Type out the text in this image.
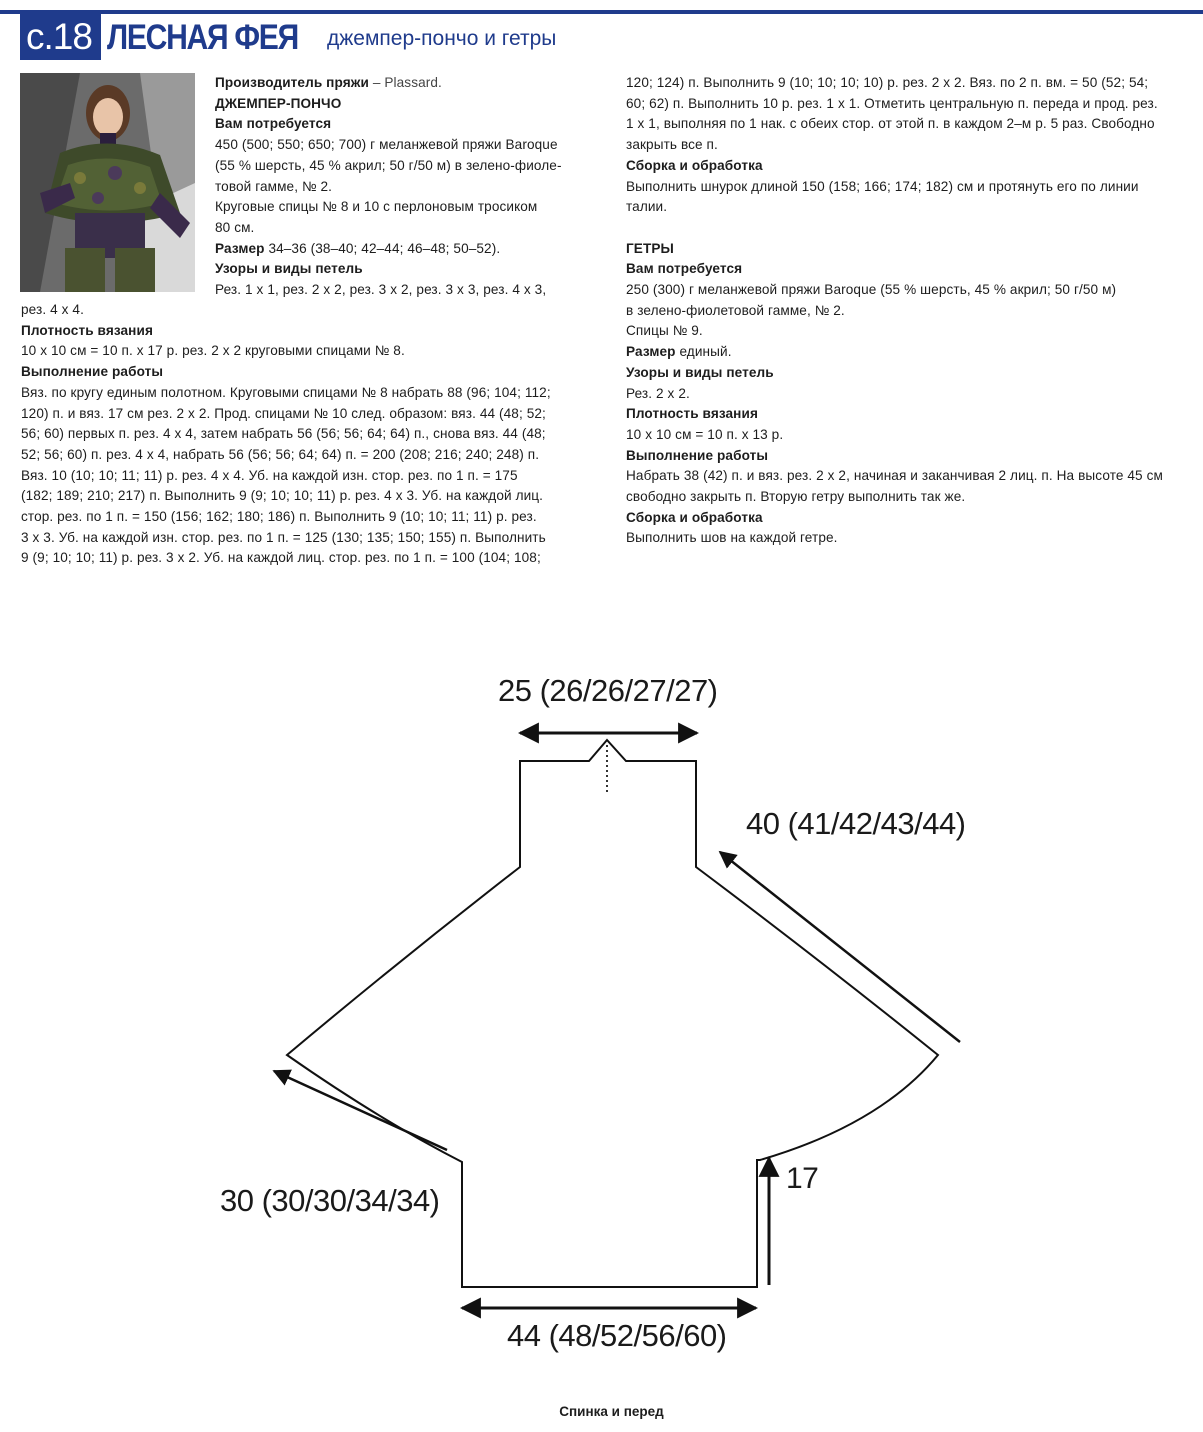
с.18 ЛЕСНАЯ ФЕЯ джемпер-пончо и гетры

Производитель пряжи – Plassard.

ДЖЕМПЕР-ПОНЧО

Вам потребуется

450 (500; 550; 650; 700) г меланжевой пряжи Baroque

(55 % шерсть, 45 % акрил; 50 г/50 м) в зелено-фиоле-

товой гамме, № 2.

Круговые спицы № 8 и 10 с перлоновым тросиком

80 см.

Размер 34–36 (38–40; 42–44; 46–48; 50–52).

Узоры и виды петель

Рез. 1 х 1, рез. 2 х 2, рез. 3 х 2, рез. 3 х 3, рез. 4 х 3,

рез. 4 х 4.

Плотность вязания

10 х 10 см = 10 п. х 17 р. рез. 2 х 2 круговыми спицами № 8.

Выполнение работы

Вяз. по кругу единым полотном. Круговыми спицами № 8 набрать 88 (96; 104; 112;

120) п. и вяз. 17 см рез. 2 х 2. Прод. спицами № 10 след. образом: вяз. 44 (48; 52;

56; 60) первых п. рез. 4 х 4, затем набрать 56 (56; 56; 64; 64) п., снова вяз. 44 (48;

52; 56; 60) п. рез. 4 х 4, набрать 56 (56; 56; 64; 64) п. = 200 (208; 216; 240; 248) п.

Вяз. 10 (10; 10; 11; 11) р. рез. 4 х 4. Уб. на каждой изн. стор. рез. по 1 п. = 175

(182; 189; 210; 217) п. Выполнить 9 (9; 10; 10; 11) р. рез. 4 х 3. Уб. на каждой лиц.

стор. рез. по 1 п. = 150 (156; 162; 180; 186) п. Выполнить 9 (10; 10; 11; 11) р. рез.

3 х 3. Уб. на каждой изн. стор. рез. по 1 п. = 125 (130; 135; 150; 155) п. Выполнить

9 (9; 10; 10; 11) р. рез. 3 х 2. Уб. на каждой лиц. стор. рез. по 1 п. = 100 (104; 108;

120; 124) п. Выполнить 9 (10; 10; 10; 10) р. рез. 2 х 2. Вяз. по 2 п. вм. = 50 (52; 54;

60; 62) п. Выполнить 10 р. рез. 1 х 1. Отметить центральную п. переда и прод. рез.

1 х 1, выполняя по 1 нак. с обеих стор. от этой п. в каждом 2–м р. 5 раз. Свободно

закрыть все п.

Сборка и обработка

Выполнить шнурок длиной 150 (158; 166; 174; 182) см и протянуть его по линии

талии.

ГЕТРЫ

Вам потребуется

250 (300) г меланжевой пряжи Baroque (55 % шерсть, 45 % акрил; 50 г/50 м)

в зелено-фиолетовой гамме, № 2.

Спицы № 9.

Размер единый.

Узоры и виды петель

Рез. 2 х 2.

Плотность вязания

10 х 10 см = 10 п. х 13 р.

Выполнение работы

Набрать 38 (42) п. и вяз. рез. 2 х 2, начиная и заканчивая 2 лиц. п. На высоте 45 см

свободно закрыть п. Вторую гетру выполнить так же.

Сборка и обработка

Выполнить шов на каждой гетре.

25 (26/26/27/27)
40 (41/42/43/44)
30 (30/30/34/34)
17
44 (48/52/56/60)
Спинка и перед
